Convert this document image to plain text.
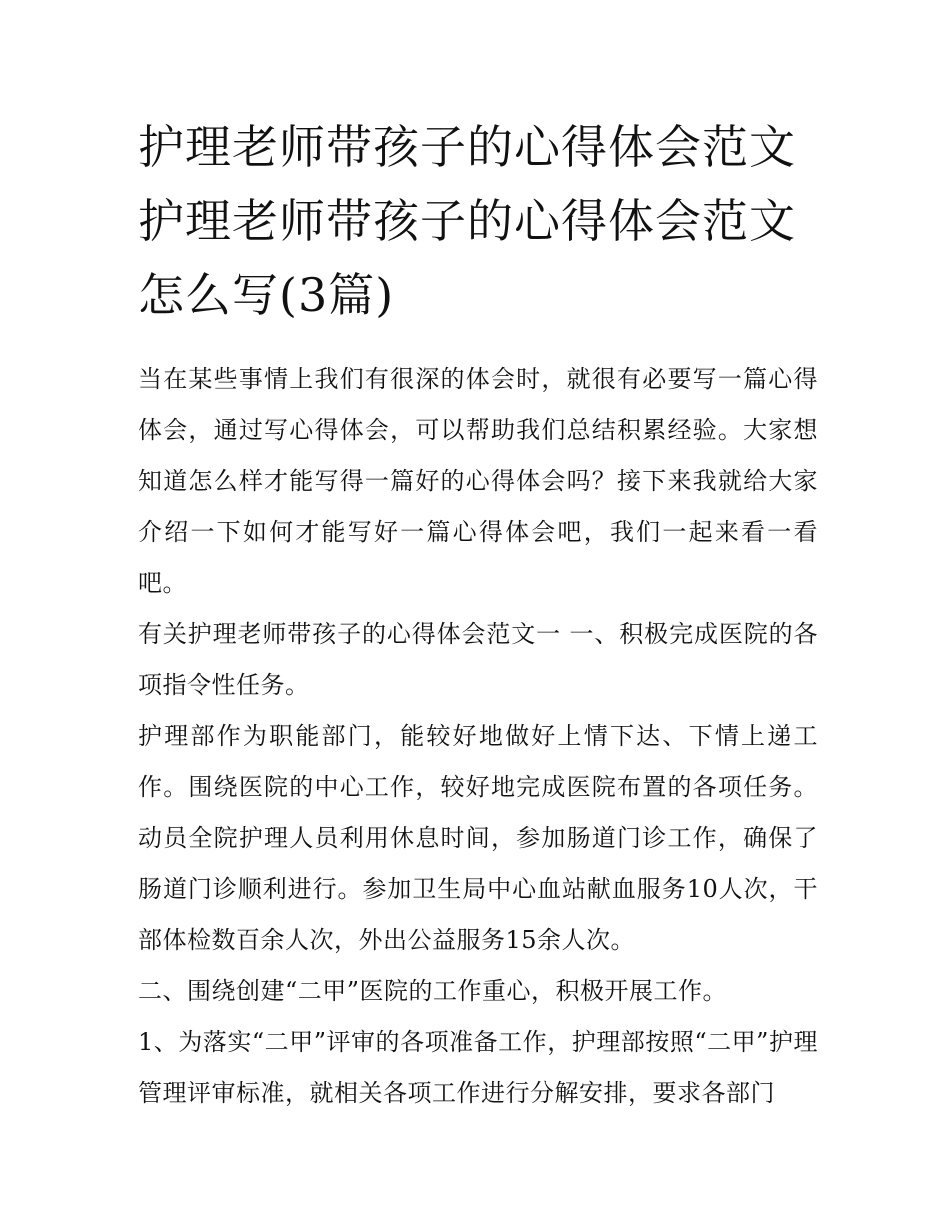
护理老师带孩子的心得体会范文 护理老师带孩子的心得体会范文怎么写(3篇)

当在某些事情上我们有很深的体会时，就很有必要写一篇心得体会，通过写心得体会，可以帮助我们总结积累经验。大家想知道怎么样才能写得一篇好的心得体会吗？接下来我就给大家介绍一下如何才能写好一篇心得体会吧，我们一起来看一看吧。

有关护理老师带孩子的心得体会范文一 一、积极完成医院的各项指令性任务。

护理部作为职能部门，能较好地做好上情下达、下情上递工作。围绕医院的中心工作，较好地完成医院布置的各项任务。动员全院护理人员利用休息时间，参加肠道门诊工作，确保了肠道门诊顺利进行。参加卫生局中心血站献血服务10人次，干部体检数百余人次，外出公益服务15余人次。

二、围绕创建“二甲”医院的工作重心，积极开展工作。

1、为落实“二甲”评审的各项准备工作，护理部按照“二甲”护理管理评审标准，就相关各项工作进行分解安排，要求各部门
